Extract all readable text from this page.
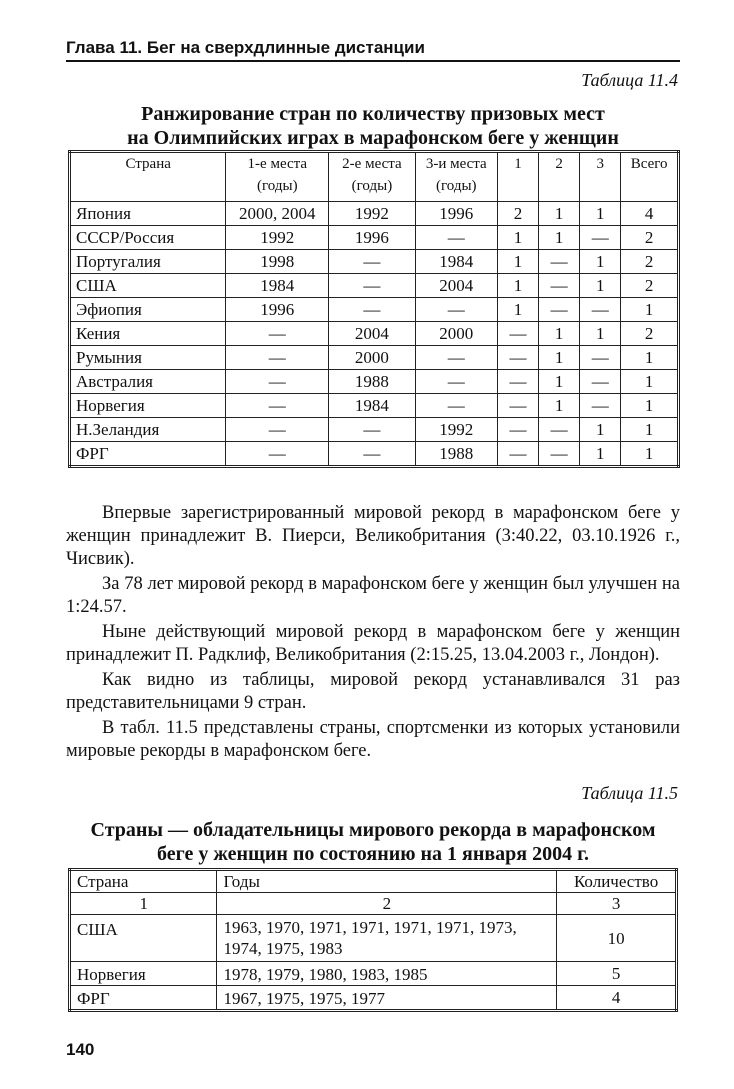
Глава 11. Бег на сверхдлинные дистанции
Таблица 11.4
Ранжирование стран по количеству призовых мест
на Олимпийских играх в марафонском беге у женщин
Страна	1-е места (годы)	2-е места (годы)	3-и места (годы)	1	2	3	Всего
Япония	2000, 2004	1992	1996	2	1	1	4
СССР/Россия	1992	1996	—	1	1	—	2
Португалия	1998	—	1984	1	—	1	2
США	1984	—	2004	1	—	1	2
Эфиопия	1996	—	—	1	—	—	1
Кения	—	2004	2000	—	1	1	2
Румыния	—	2000	—	—	1	—	1
Австралия	—	1988	—	—	1	—	1
Норвегия	—	1984	—	—	1	—	1
Н.Зеландия	—	—	1992	—	—	1	1
ФРГ	—	—	1988	—	—	1	1

Впервые зарегистрированный мировой рекорд в марафонском беге у женщин принадлежит В. Пиерси, Великобритания (3:40.22, 03.10.1926 г., Чисвик).

За 78 лет мировой рекорд в марафонском беге у женщин был улучшен на 1:24.57.

Ныне действующий мировой рекорд в марафонском беге у женщин принадлежит П. Радклиф, Великобритания (2:15.25, 13.04.2003 г., Лондон).

Как видно из таблицы, мировой рекорд устанавливался 31 раз представительницами 9 стран.

В табл. 11.5 представлены страны, спортсменки из которых установили мировые рекорды в марафонском беге.

Таблица 11.5
Страны — обладательницы мирового рекорда в марафонском
беге у женщин по состоянию на 1 января 2004 г.
Страна	Годы	Количество
1	2	3
США	1963, 1970, 1971, 1971, 1971, 1971, 1973, 1974, 1975, 1983	10
Норвегия	1978, 1979, 1980, 1983, 1985	5
ФРГ	1967, 1975, 1975, 1977	4
140
